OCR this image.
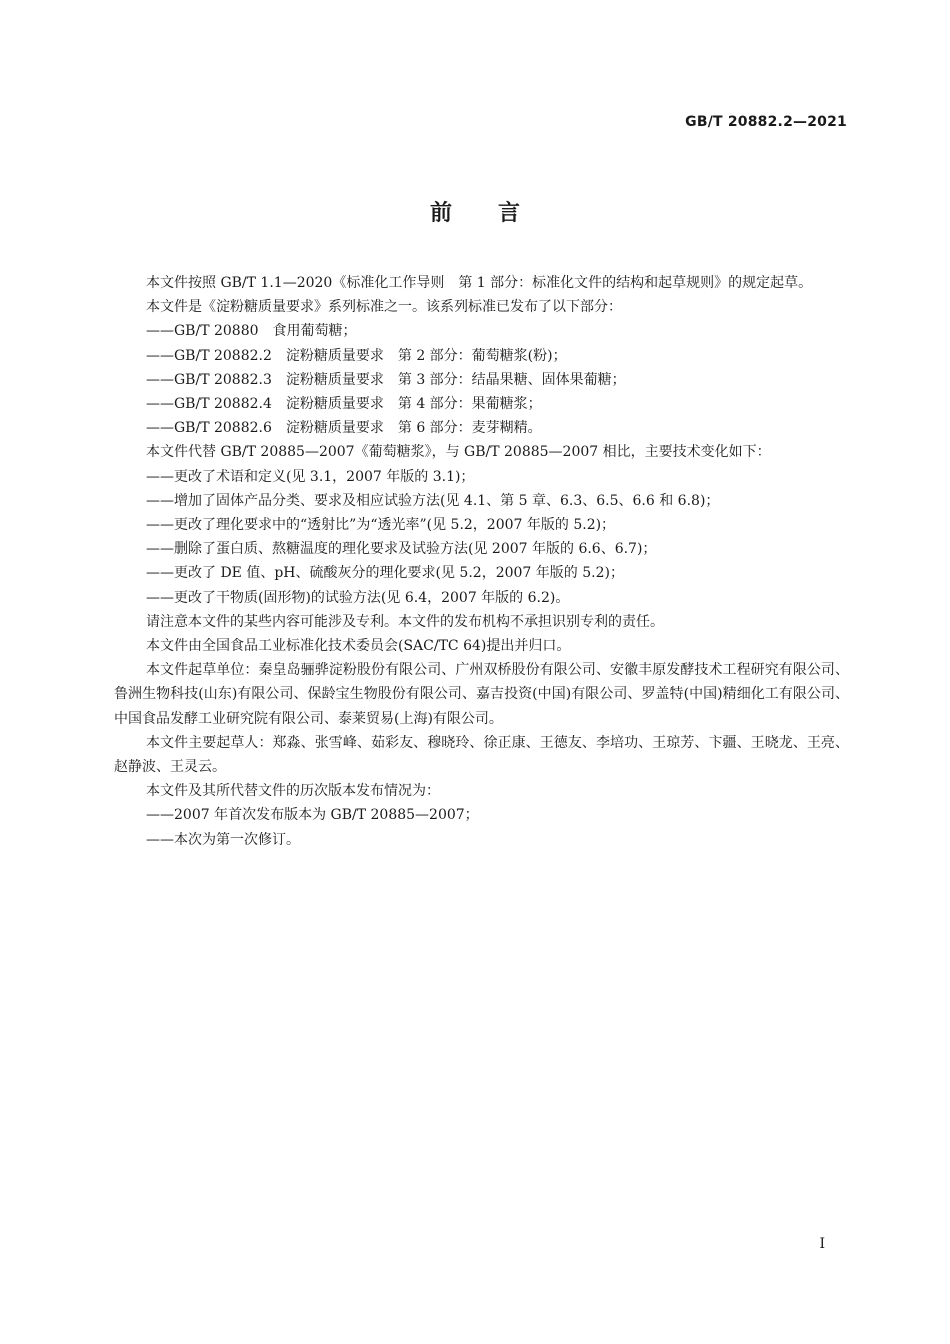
GB/T 20882.2—2021
前言

本文件按照 GB/T 1.1—2020《标准化工作导则　第 1 部分：标准化文件的结构和起草规则》的规定起草。

本文件是《淀粉糖质量要求》系列标准之一。该系列标准已发布了以下部分：

——GB/T 20880　食用葡萄糖；

——GB/T 20882.2　淀粉糖质量要求　第 2 部分：葡萄糖浆(粉)；

——GB/T 20882.3　淀粉糖质量要求　第 3 部分：结晶果糖、固体果葡糖；

——GB/T 20882.4　淀粉糖质量要求　第 4 部分：果葡糖浆；

——GB/T 20882.6　淀粉糖质量要求　第 6 部分：麦芽糊精。

本文件代替 GB/T 20885—2007《葡萄糖浆》，与 GB/T 20885—2007 相比，主要技术变化如下：

——更改了术语和定义(见 3.1，2007 年版的 3.1)；

——增加了固体产品分类、要求及相应试验方法(见 4.1、第 5 章、6.3、6.5、6.6 和 6.8)；

——更改了理化要求中的“透射比”为“透光率”(见 5.2，2007 年版的 5.2)；

——删除了蛋白质、熬糖温度的理化要求及试验方法(见 2007 年版的 6.6、6.7)；

——更改了 DE 值、pH、硫酸灰分的理化要求(见 5.2，2007 年版的 5.2)；

——更改了干物质(固形物)的试验方法(见 6.4，2007 年版的 6.2)。

请注意本文件的某些内容可能涉及专利。本文件的发布机构不承担识别专利的责任。

本文件由全国食品工业标准化技术委员会(SAC/TC 64)提出并归口。

本文件起草单位：秦皇岛骊骅淀粉股份有限公司、广州双桥股份有限公司、安徽丰原发酵技术工程研究有限公司、鲁洲生物科技(山东)有限公司、保龄宝生物股份有限公司、嘉吉投资(中国)有限公司、罗盖特(中国)精细化工有限公司、中国食品发酵工业研究院有限公司、泰莱贸易(上海)有限公司。

本文件主要起草人：郑淼、张雪峰、茹彩友、穆晓玲、徐正康、王德友、李培功、王琼芳、卞疆、王晓龙、王亮、赵静波、王灵云。

本文件及其所代替文件的历次版本发布情况为：

——2007 年首次发布版本为 GB/T 20885—2007；

——本次为第一次修订。

I
